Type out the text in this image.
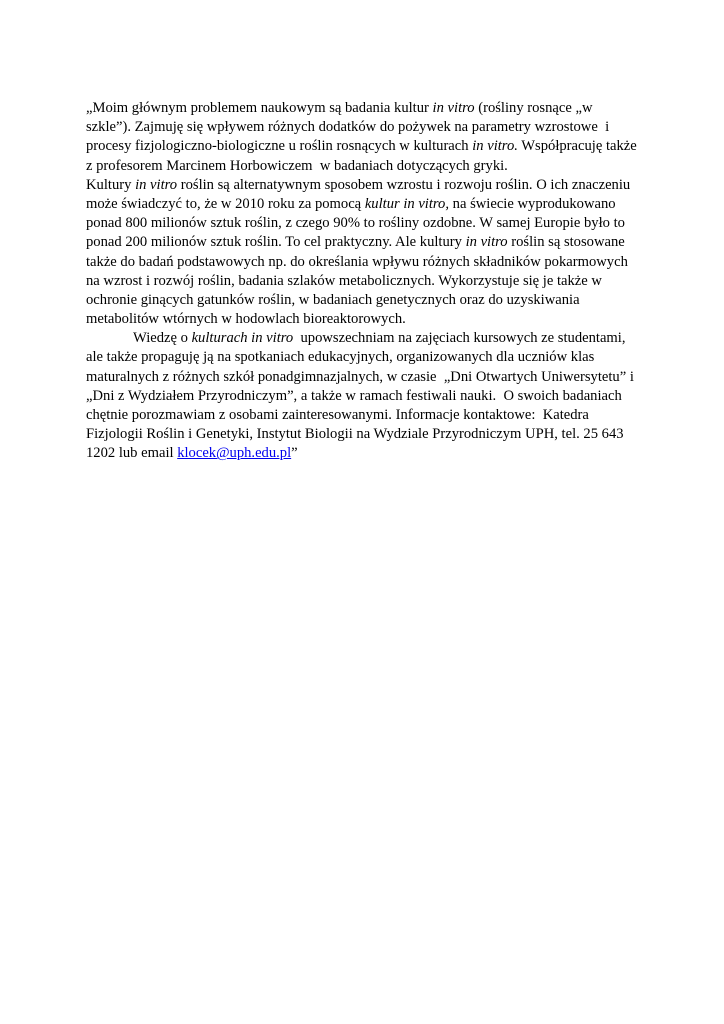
„Moim głównym problemem naukowym są badania kultur in vitro (rośliny rosnące „w
szkle”). Zajmuję się wpływem różnych dodatków do pożywek na parametry wzrostowe  i
procesy fizjologiczno-biologiczne u roślin rosnących w kulturach in vitro. Współpracuję także
z profesorem Marcinem Horbowiczem  w badaniach dotyczących gryki.
Kultury in vitro roślin są alternatywnym sposobem wzrostu i rozwoju roślin. O ich znaczeniu
może świadczyć to, że w 2010 roku za pomocą kultur in vitro, na świecie wyprodukowano
ponad 800 milionów sztuk roślin, z czego 90% to rośliny ozdobne. W samej Europie było to
ponad 200 milionów sztuk roślin. To cel praktyczny. Ale kultury in vitro roślin są stosowane
także do badań podstawowych np. do określania wpływu różnych składników pokarmowych
na wzrost i rozwój roślin, badania szlaków metabolicznych. Wykorzystuje się je także w
ochronie ginących gatunków roślin, w badaniach genetycznych oraz do uzyskiwania
metabolitów wtórnych w hodowlach bioreaktorowych.
Wiedzę o kulturach in vitro  upowszechniam na zajęciach kursowych ze studentami,
ale także propaguję ją na spotkaniach edukacyjnych, organizowanych dla uczniów klas
maturalnych z różnych szkół ponadgimnazjalnych, w czasie  „Dni Otwartych Uniwersytetu” i
„Dni z Wydziałem Przyrodniczym”, a także w ramach festiwali nauki.  O swoich badaniach
chętnie porozmawiam z osobami zainteresowanymi. Informacje kontaktowe:  Katedra
Fizjologii Roślin i Genetyki, Instytut Biologii na Wydziale Przyrodniczym UPH, tel. 25 643
1202 lub email klocek@uph.edu.pl”
